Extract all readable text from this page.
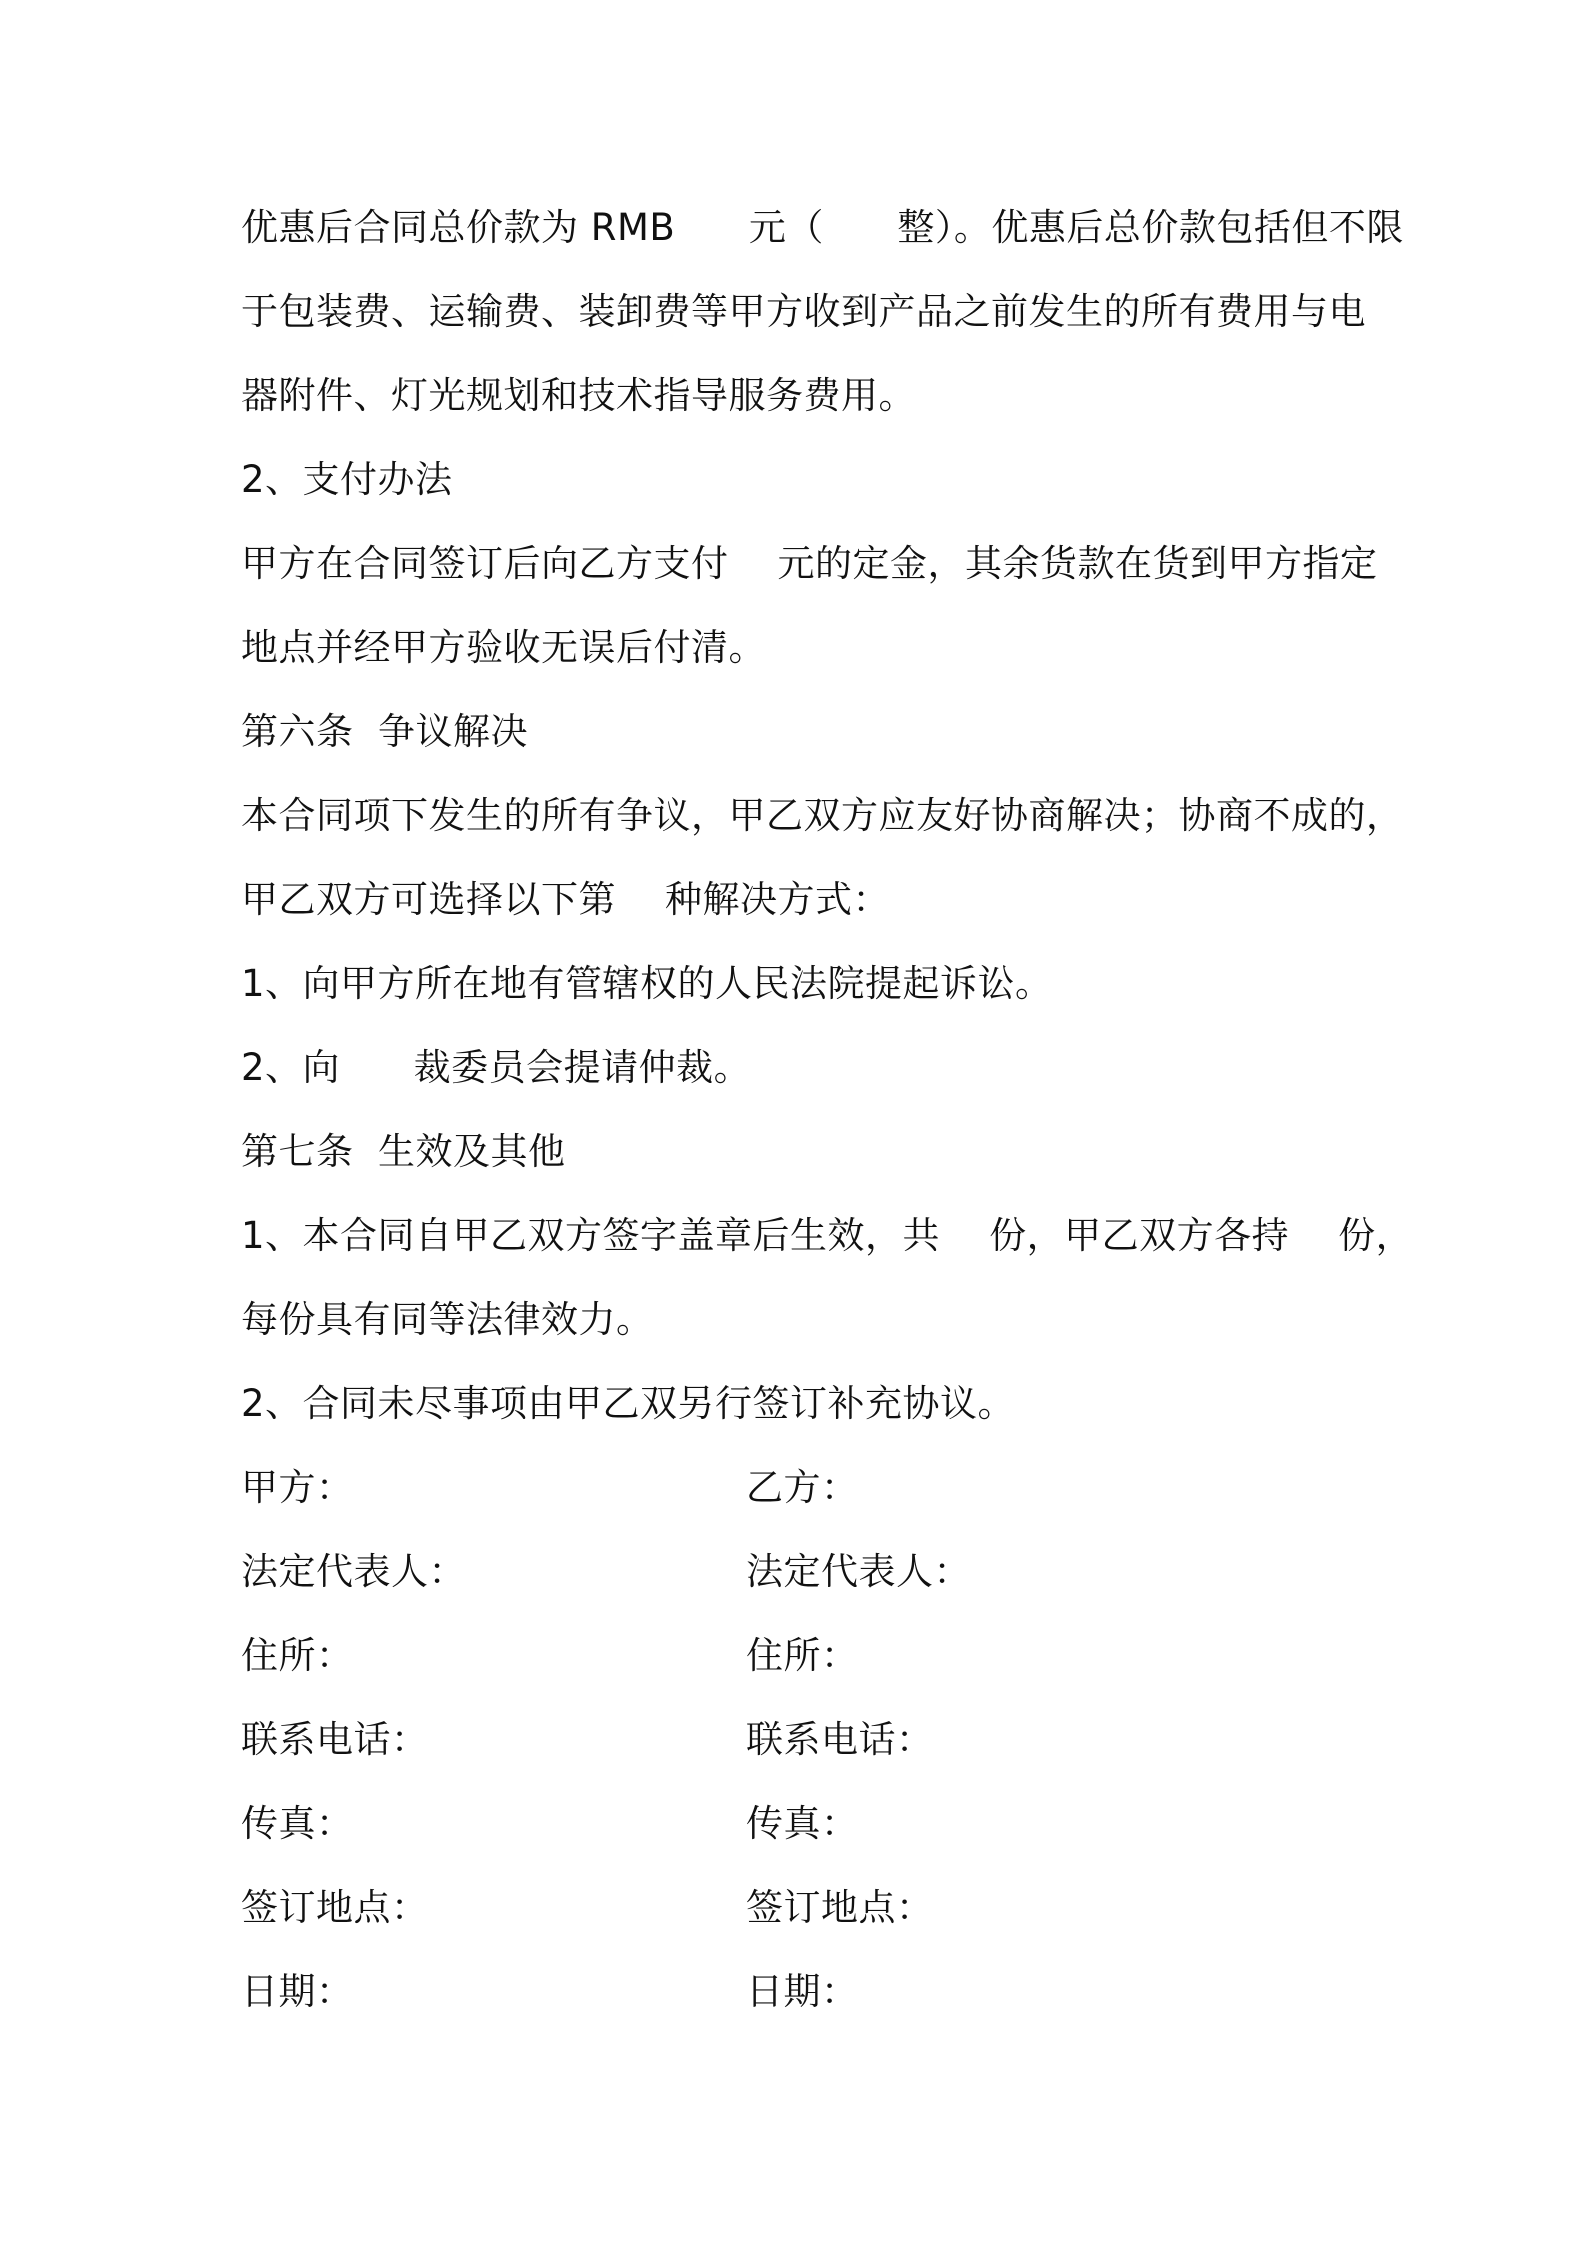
优惠后合同总价款为 RMB      元（      整）。优惠后总价款包括但不限
于包装费、运输费、装卸费等甲方收到产品之前发生的所有费用与电
器附件、灯光规划和技术指导服务费用。
2、支付办法
甲方在合同签订后向乙方支付    元的定金，其余货款在货到甲方指定
地点并经甲方验收无误后付清。
第六条  争议解决
本合同项下发生的所有争议，甲乙双方应友好协商解决；协商不成的，
甲乙双方可选择以下第    种解决方式：
1、向甲方所在地有管辖权的人民法院提起诉讼。
2、向      裁委员会提请仲裁。
第七条  生效及其他
1、本合同自甲乙双方签字盖章后生效，共    份，甲乙双方各持    份，
每份具有同等法律效力。
2、合同未尽事项由甲乙双另行签订补充协议。
甲方：
法定代表人：
住所：
联系电话：
传真：
签订地点：
日期：
乙方：
法定代表人：
住所：
联系电话：
传真：
签订地点：
日期：
